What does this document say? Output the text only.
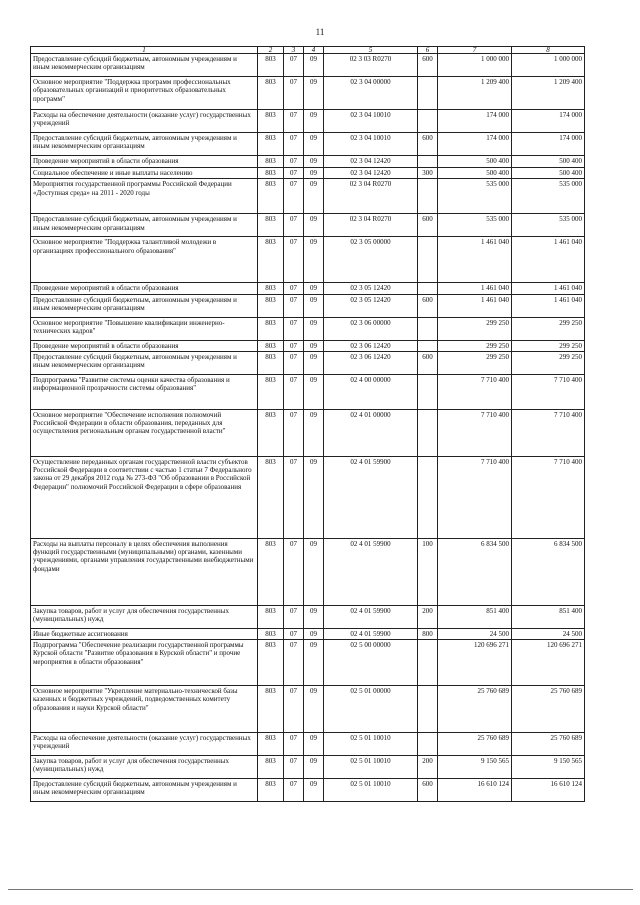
11
1	2	3	4	5	6	7	8
Предоставление субсидий бюджетным, автономным учреждениям и иным некоммерческим организациям	803	07	09	02 3 03 R0270	600	1 000 000	1 000 000
Основное мероприятие "Поддержка программ профессиональных образовательных организаций и приоритетных образовательных программ"	803	07	09	02 3 04 00000		1 209 400	1 209 400
Расходы на обеспечение деятельности (оказание услуг) государственных учреждений	803	07	09	02 3 04 10010		174 000	174 000
Предоставление субсидий бюджетным, автономным учреждениям и иным некоммерческим организациям	803	07	09	02 3 04 10010	600	174 000	174 000
Проведение мероприятий в области образования	803	07	09	02 3 04 12420		500 400	500 400
Социальное обеспечение и иные выплаты населению	803	07	09	02 3 04 12420	300	500 400	500 400
Мероприятия государственной программы Российской Федерации «Доступная среда» на 2011 - 2020 годы	803	07	09	02 3 04 R0270		535 000	535 000
Предоставление субсидий бюджетным, автономным учреждениям и иным некоммерческим организациям	803	07	09	02 3 04 R0270	600	535 000	535 000
Основное мероприятие "Поддержка талантливой молодежи в организациях профессионального образования"	803	07	09	02 3 05 00000		1 461 040	1 461 040
Проведение мероприятий в области образования	803	07	09	02 3 05 12420		1 461 040	1 461 040
Предоставление субсидий бюджетным, автономным учреждениям и иным некоммерческим организациям	803	07	09	02 3 05 12420	600	1 461 040	1 461 040
Основное мероприятие "Повышение квалификации инженерно-технических кадров"	803	07	09	02 3 06 00000		299 250	299 250
Проведение мероприятий в области образования	803	07	09	02 3 06 12420		299 250	299 250
Предоставление субсидий бюджетным, автономным учреждениям и иным некоммерческим организациям	803	07	09	02 3 06 12420	600	299 250	299 250
Подпрограмма "Развитие системы оценки качества образования и информационной прозрачности системы образования"	803	07	09	02 4 00 00000		7 710 400	7 710 400
Основное мероприятие "Обеспечение исполнения полномочий Российской Федерации в области образования, переданных для осуществления региональным органам государственной власти"	803	07	09	02 4 01 00000		7 710 400	7 710 400
Осуществление переданных органам государственной власти субъектов Российской Федерации в соответствии с частью 1 статьи 7 Федерального закона от 29 декабря 2012 года № 273-ФЗ "Об образовании в Российской Федерации" полномочий Российской Федерации в сфере образования	803	07	09	02 4 01 59900		7 710 400	7 710 400
Расходы на выплаты персоналу в целях обеспечения выполнения функций государственными (муниципальными) органами, казенными учреждениями, органами управления государственными внебюджетными фондами	803	07	09	02 4 01 59900	100	6 834 500	6 834 500
Закупка товаров, работ и услуг для обеспечения государственных (муниципальных) нужд	803	07	09	02 4 01 59900	200	851 400	851 400
Иные бюджетные ассигнования	803	07	09	02 4 01 59900	800	24 500	24 500
Подпрограмма "Обеспечение реализации государственной программы Курской области "Развитие образования в Курской области" и прочие мероприятия в области образования"	803	07	09	02 5 00 00000		120 696 271	120 696 271
Основное мероприятие "Укрепление материально-технической базы казенных и бюджетных учреждений, подведомственных комитету образования и науки Курской области"	803	07	09	02 5 01 00000		25 760 689	25 760 689
Расходы на обеспечение деятельности (оказание услуг) государственных учреждений	803	07	09	02 5 01 10010		25 760 689	25 760 689
Закупка товаров, работ и услуг для обеспечения государственных (муниципальных) нужд	803	07	09	02 5 01 10010	200	9 150 565	9 150 565
Предоставление субсидий бюджетным, автономным учреждениям и иным некоммерческим организациям	803	07	09	02 5 01 10010	600	16 610 124	16 610 124
